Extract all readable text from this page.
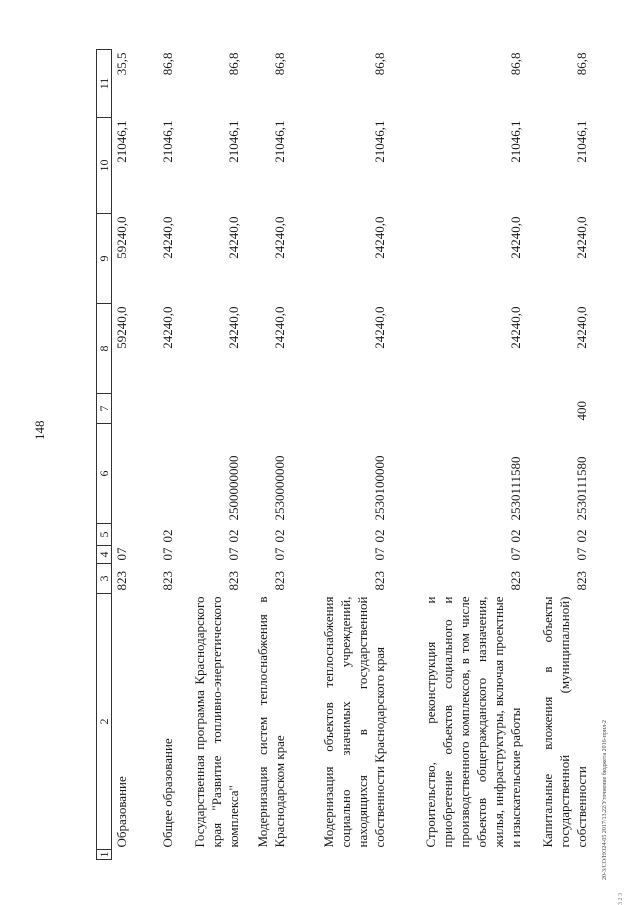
148
1	2	3	4	5	6	7	8	9	10	11
	Образование	823	07				59240,0	59240,0	21046,1	35,5
	Общее образование	823	07	02			24240,0	24240,0	21046,1	86,8
	Государственная программа Краснодарского края "Развитие топливно-энергетического комплекса"	823	07	02	2500000000		24240,0	24240,0	21046,1	86,8
	Модернизация систем теплоснабжения в Краснодарском крае	823	07	02	2530000000		24240,0	24240,0	21046,1	86,8
	Модернизация объектов теплоснабжения социально значимых учреждений, находящихся в государственной собственности Краснодарского края	823	07	02	2530100000		24240,0	24240,0	21046,1	86,8
	Строительство, реконструкция и приобретение объектов социального и производственного комплексов, в том числе объектов общегражданского назначения, жилья, инфраструктуры, включая проектные и изыскательские работы	823	07	02	2530111580		24240,0	24240,0	21046,1	86,8
	Капитальные вложения в объекты государственной (муниципальной) собственности	823	07	02	2530111580	400	24240,0	24240,0	21046,1	86,8
20-3/СО/НО24-05 2017/13.22/Уточнение бюджета 2016-прил-2
3 2 3
